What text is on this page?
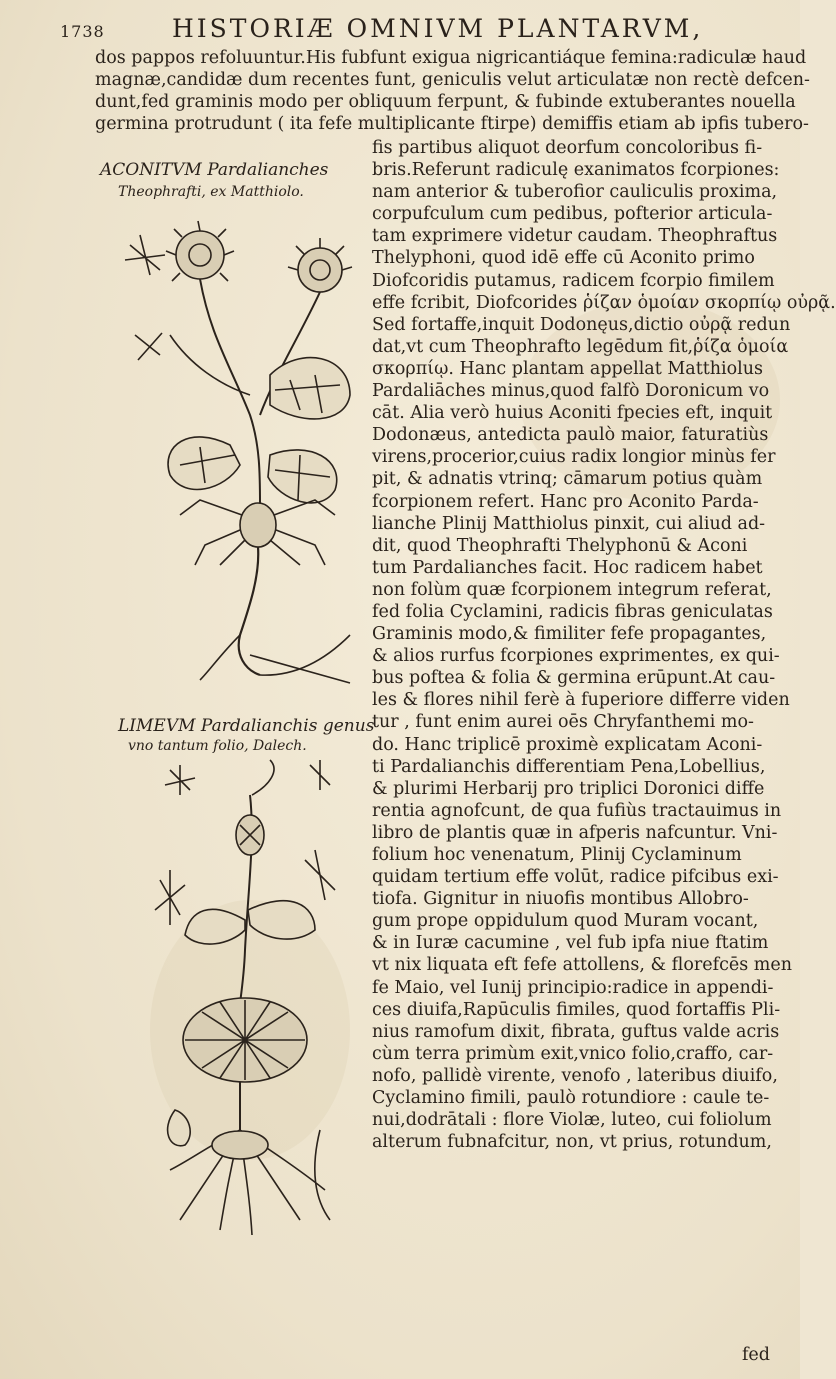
1738	HISTORIÆ OMNIVM PLANTARVM,
dos pappos refoluuntur.His fubfunt exigua nigricantiáque femina:radiculæ haud
magnæ,candidæ dum recentes funt, geniculis velut articulatæ non rectè defcen-
dunt,fed graminis modo per obliquum ferpunt, & fubinde extuberantes nouella
germina protrudunt ( ita fefe multiplicante ftirpe) demiffis etiam ab ipfis tubero-
ACONITVM Pardalianches
Theophrafti, ex Matthiolo.
LIMEVM Pardalianchis genus
vno tantum folio, Dalech.
fis partibus aliquot deorfum concoloribus fi-
bris.Referunt radiculę exanimatos fcorpiones:
nam anterior & tuberofior cauliculis proxima,
corpufculum cum pedibus, pofterior articula-
tam exprimere videtur caudam. Theophraftus
Thelyphoni, quod idē effe cū Aconito primo
Diofcoridis putamus, radicem fcorpio fimilem
effe fcribit, Diofcorides ῥίζαν ὁμοίαν σκορπίῳ οὐρᾷ.
Sed fortaffe,inquit Dodonęus,dictio οὐρᾷ redun
dat,vt cum Theophrafto legēdum fit,ῥίζα ὁμοία
σκορπίῳ. Hanc plantam appellat Matthiolus
Pardaliāches minus,quod falfò Doronicum vo
cāt. Alia verò huius Aconiti fpecies eft, inquit
Dodonæus, antedicta paulò maior, faturatiùs
virens,procerior,cuius radix longior minùs fer
pit, & adnatis vtrinq; cāmarum potius quàm
fcorpionem refert. Hanc pro Aconito Parda-
lianche Plinij Matthiolus pinxit, cui aliud ad-
dit, quod Theophrafti Thelyphonū & Aconi
tum Pardalianches facit. Hoc radicem habet
non folùm quæ fcorpionem integrum referat,
fed folia Cyclamini, radicis fibras geniculatas
Graminis modo,& fimiliter fefe propagantes,
& alios rurfus fcorpiones exprimentes, ex qui-
bus poftea & folia & germina erūpunt.At cau-
les & flores nihil ferè à fuperiore differre viden
tur , funt enim aurei oēs Chryfanthemi mo-
do. Hanc triplicē proximè explicatam Aconi-
ti Pardalianchis differentiam Pena,Lobellius,
& plurimi Herbarij pro triplici Doronici diffe
rentia agnofcunt, de qua fufiùs tractauimus in
libro de plantis quæ in afperis nafcuntur. Vni-
folium hoc venenatum, Plinij Cyclaminum
quidam tertium effe volūt, radice pifcibus exi-
tiofa. Gignitur in niuofis montibus Allobro-
gum prope oppidulum quod Muram vocant,
& in Iuræ cacumine , vel fub ipfa niue ftatim
vt nix liquata eft fefe attollens, & florefcēs men
fe Maio, vel Iunij principio:radice in appendi-
ces diuifa,Rapūculis fimiles, quod fortaffis Pli-
nius ramofum dixit, fibrata, guftus valde acris
cùm terra primùm exit,vnico folio,craffo, car-
nofo, pallidè virente, venofo , lateribus diuifo,
Cyclamino fimili, paulò rotundiore : caule te-
nui,dodrātali : flore Violæ, luteo, cui foliolum
alterum fubnafcitur, non, vt prius, rotundum,
fed
